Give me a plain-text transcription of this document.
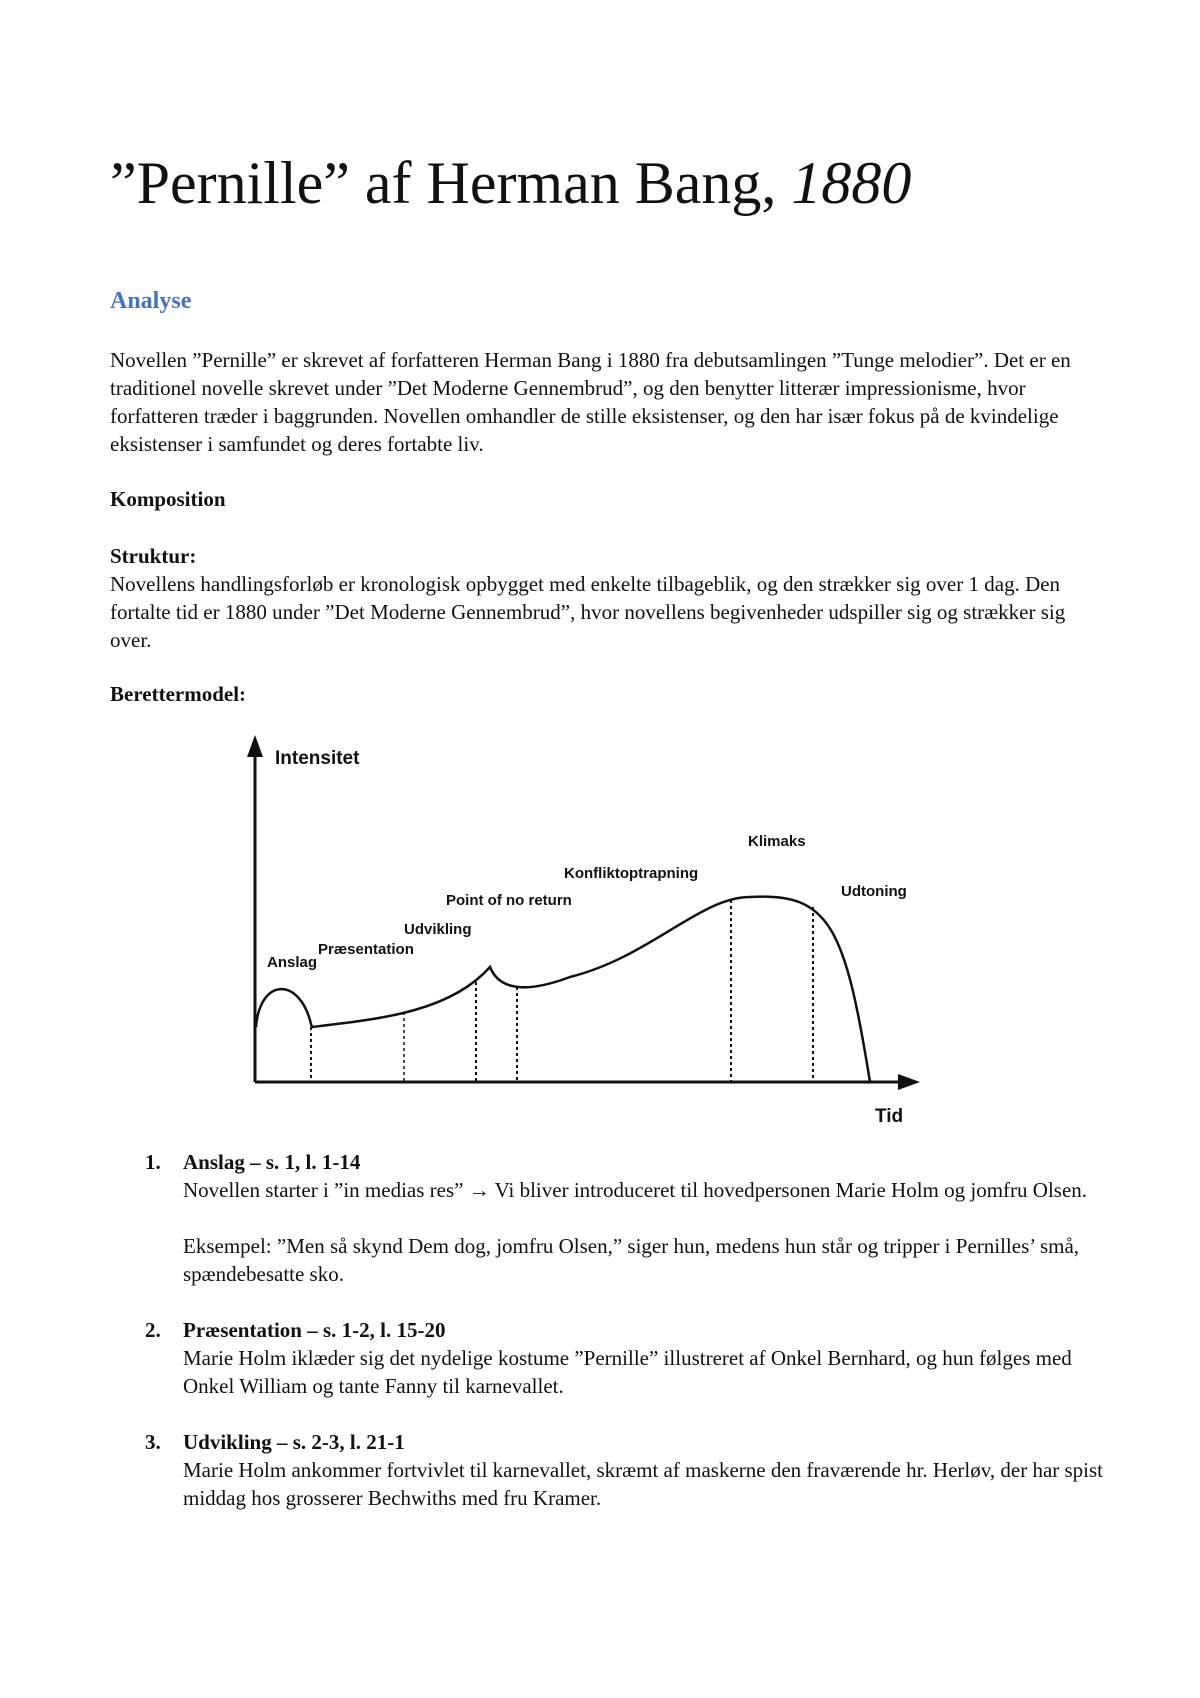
”Pernille” af Herman Bang, 1880
Analyse

Novellen ”Pernille” er skrevet af forfatteren Herman Bang i 1880 fra debutsamlingen ”Tunge melodier”. Det er en traditionel novelle skrevet under ”Det Moderne Gennembrud”, og den benytter litterær impressionisme, hvor forfatteren træder i baggrunden. Novellen omhandler de stille eksistenser, og den har især fokus på de kvindelige eksistenser i samfundet og deres fortabte liv.

Komposition
Struktur:

Novellens handlingsforløb er kronologisk opbygget med enkelte tilbageblik, og den strækker sig over 1 dag. Den fortalte tid er 1880 under ”Det Moderne Gennembrud”, hvor novellens begivenheder udspiller sig og strækker sig over.

Berettermodel:
1. Anslag – s. 1, l. 1-14

Novellen starter i ”in medias res” → Vi bliver introduceret til hovedpersonen Marie Holm og jomfru Olsen.

Eksempel: ”Men så skynd Dem dog, jomfru Olsen,” siger hun, medens hun står og tripper i Pernilles’ små, spændebesatte sko.

2. Præsentation – s. 1-2, l. 15-20

Marie Holm iklæder sig det nydelige kostume ”Pernille” illustreret af Onkel Bernhard, og hun følges med Onkel William og tante Fanny til karnevallet.

3. Udvikling – s. 2-3, l. 21-1

Marie Holm ankommer fortvivlet til karnevallet, skræmt af maskerne den fraværende hr. Herløv, der har spist middag hos grosserer Bechwiths med fru Kramer.

Intensitet
Tid
Anslag
Præsentation
Udvikling
Point of no return
Konfliktoptrapning
Klimaks
Udtoning
